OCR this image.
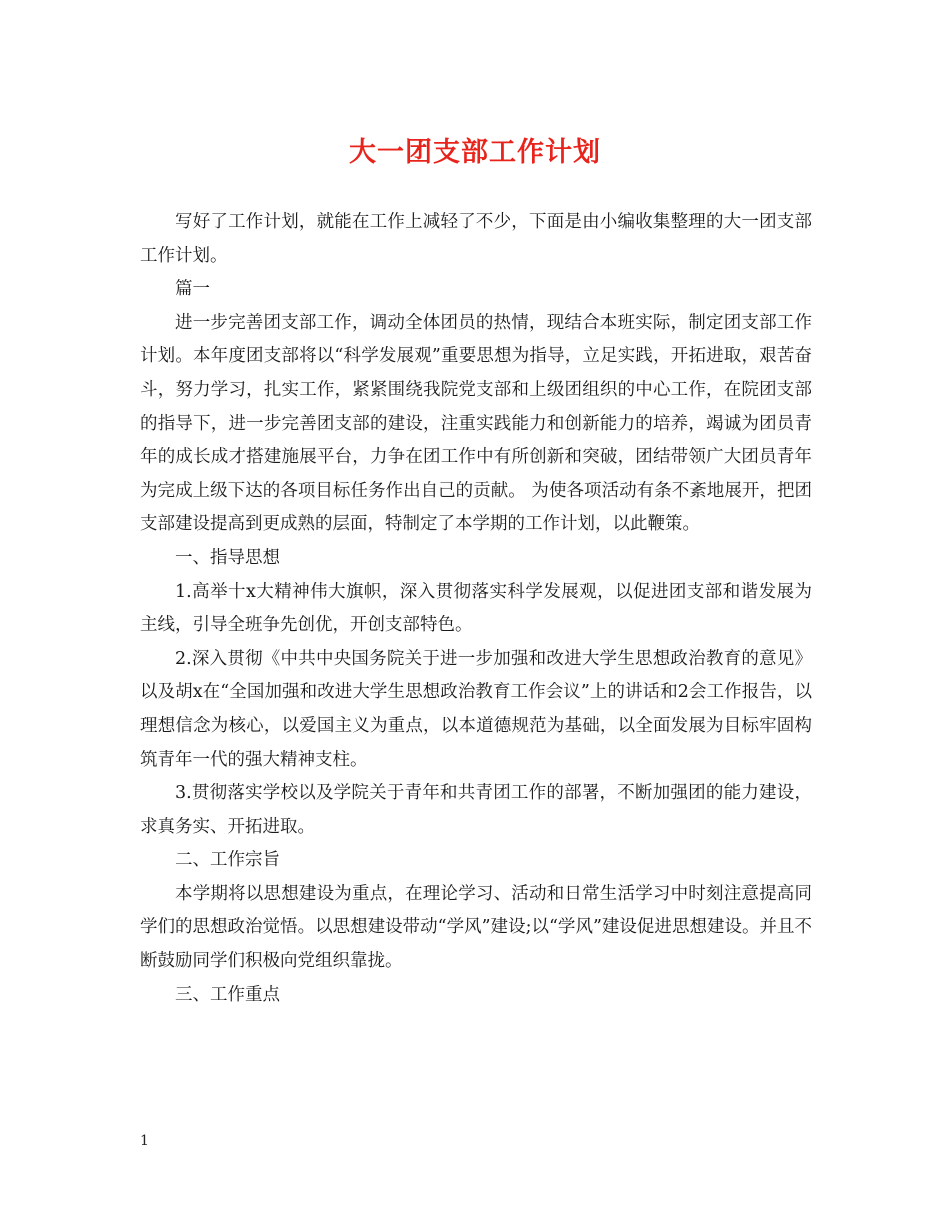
大一团支部工作计划

写好了工作计划，就能在工作上减轻了不少，下面是由小编收集整理的大一团支部工作计划。

篇一

进一步完善团支部工作，调动全体团员的热情，现结合本班实际，制定团支部工作计划。本年度团支部将以“科学发展观”重要思想为指导，立足实践，开拓进取，艰苦奋斗，努力学习，扎实工作，紧紧围绕我院党支部和上级团组织的中心工作，在院团支部的指导下，进一步完善团支部的建设，注重实践能力和创新能力的培养，竭诚为团员青年的成长成才搭建施展平台，力争在团工作中有所创新和突破，团结带领广大团员青年为完成上级下达的各项目标任务作出自己的贡献。 为使各项活动有条不紊地展开，把团支部建设提高到更成熟的层面，特制定了本学期的工作计划，以此鞭策。

一、指导思想

1.高举十x大精神伟大旗帜，深入贯彻落实科学发展观，以促进团支部和谐发展为主线，引导全班争先创优，开创支部特色。

2.深入贯彻《中共中央国务院关于进一步加强和改进大学生思想政治教育的意见》以及胡x在“全国加强和改进大学生思想政治教育工作会议”上的讲话和2会工作报告，以理想信念为核心，以爱国主义为重点，以本道德规范为基础，以全面发展为目标牢固构筑青年一代的强大精神支柱。

3.贯彻落实学校以及学院关于青年和共青团工作的部署，不断加强团的能力建设，求真务实、开拓进取。

二、工作宗旨

本学期将以思想建设为重点，在理论学习、活动和日常生活学习中时刻注意提高同学们的思想政治觉悟。以思想建设带动“学风”建设;以“学风”建设促进思想建设。并且不断鼓励同学们积极向党组织靠拢。

三、工作重点

1
